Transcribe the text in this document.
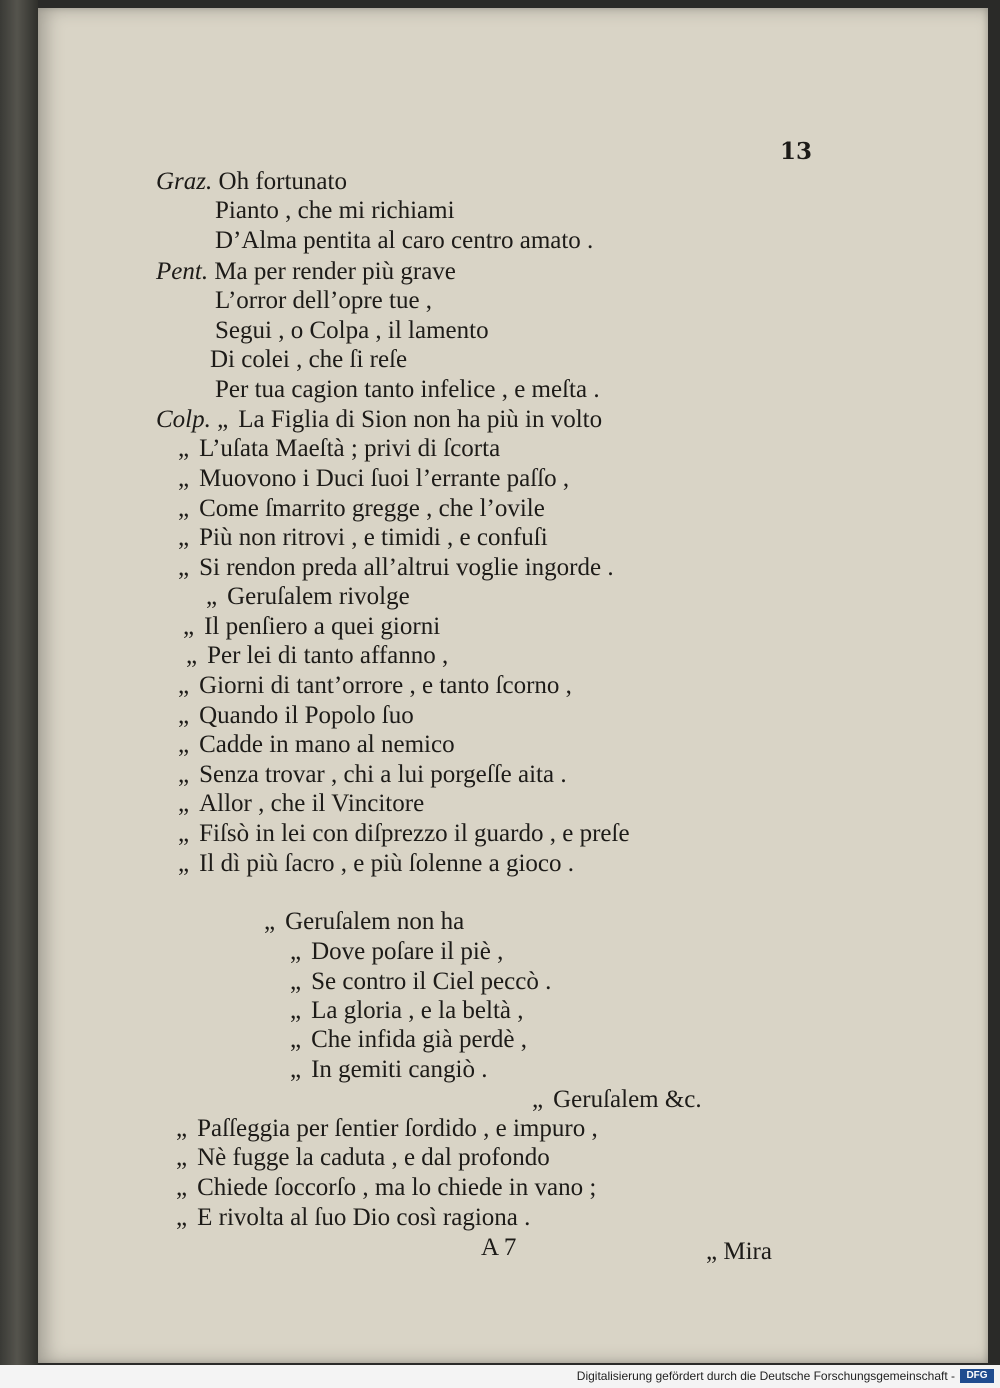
13
Graz. Oh fortunato
Pianto , che mi richiami
D’Alma pentita al caro centro amato .
Pent. Ma per render più grave
L’orror dell’opre tue ,
Segui , o Colpa , il lamento
Di colei , che ſi reſe
Per tua cagion tanto infelice , e meſta .
Colp. „ La Figlia di Sion non ha più in volto
„ L’uſata Maeſtà ; privi di ſcorta
„ Muovono i Duci ſuoi l’errante paſſo ,
„ Come ſmarrito gregge , che l’ovile
„ Più non ritrovi , e timidi , e confuſi
„ Si rendon preda all’altrui voglie ingorde .
„ Geruſalem rivolge
„ Il penſiero a quei giorni
„ Per lei di tanto affanno ,
„ Giorni di tant’orrore , e tanto ſcorno ,
„ Quando il Popolo ſuo
„ Cadde in mano al nemico
„ Senza trovar , chi a lui porgeſſe aita .
„ Allor , che il Vincitore
„ Fiſsò in lei con diſprezzo il guardo , e preſe
„ Il dì più ſacro , e più ſolenne a gioco .
„ Geruſalem non ha
„ Dove poſare il piè ,
„ Se contro il Ciel peccò .
„ La gloria , e la beltà ,
„ Che infida già perdè ,
„ In gemiti cangiò .
„ Geruſalem &c.
„ Paſſeggia per ſentier ſordido , e impuro ,
„ Nè fugge la caduta , e dal profondo
„ Chiede ſoccorſo , ma lo chiede in vano ;
„ E rivolta al ſuo Dio così ragiona .
A 7	„ Mira
Digitalisierung gefördert durch die Deutsche Forschungsgemeinschaft -	DFG
